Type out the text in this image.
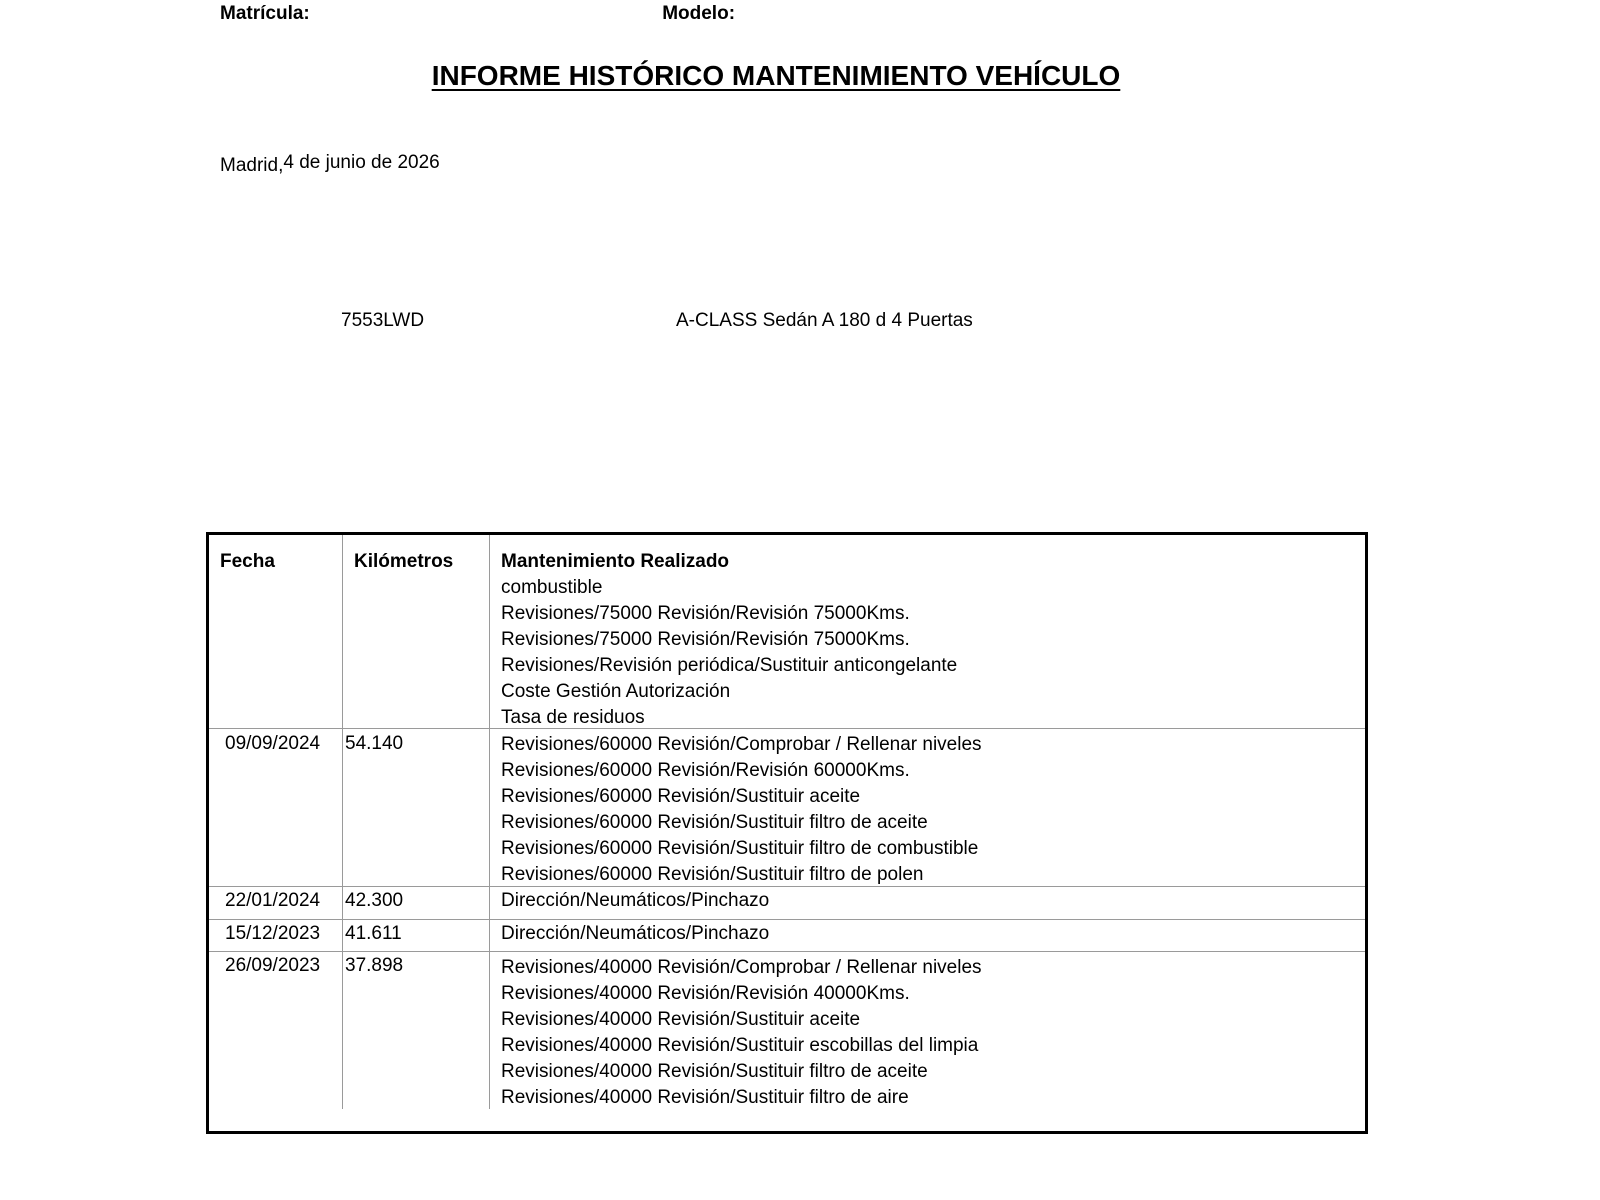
INFORME HISTÓRICO MANTENIMIENTO VEHÍCULO
Madrid,4 de junio de 2026
Matrícula:
7553LWD
Modelo:
A-CLASS Sedán A 180 d 4 Puertas
Fecha	Kilómetros	Mantenimiento Realizado
combustible
Revisiones/75000 Revisión/Revisión 75000Kms.
Revisiones/75000 Revisión/Revisión 75000Kms.
Revisiones/Revisión periódica/Sustituir anticongelante
Coste Gestión Autorización
Tasa de residuos
09/09/2024 54.140	Revisiones/60000 Revisión/Comprobar / Rellenar niveles
Revisiones/60000 Revisión/Revisión 60000Kms.
Revisiones/60000 Revisión/Sustituir aceite
Revisiones/60000 Revisión/Sustituir filtro de aceite
Revisiones/60000 Revisión/Sustituir filtro de combustible
Revisiones/60000 Revisión/Sustituir filtro de polen
22/01/2024 42.300	Dirección/Neumáticos/Pinchazo
15/12/2023 41.611	Dirección/Neumáticos/Pinchazo
26/09/2023 37.898	Revisiones/40000 Revisión/Comprobar / Rellenar niveles
Revisiones/40000 Revisión/Revisión 40000Kms.
Revisiones/40000 Revisión/Sustituir aceite
Revisiones/40000 Revisión/Sustituir escobillas del limpia
Revisiones/40000 Revisión/Sustituir filtro de aceite
Revisiones/40000 Revisión/Sustituir filtro de aire
